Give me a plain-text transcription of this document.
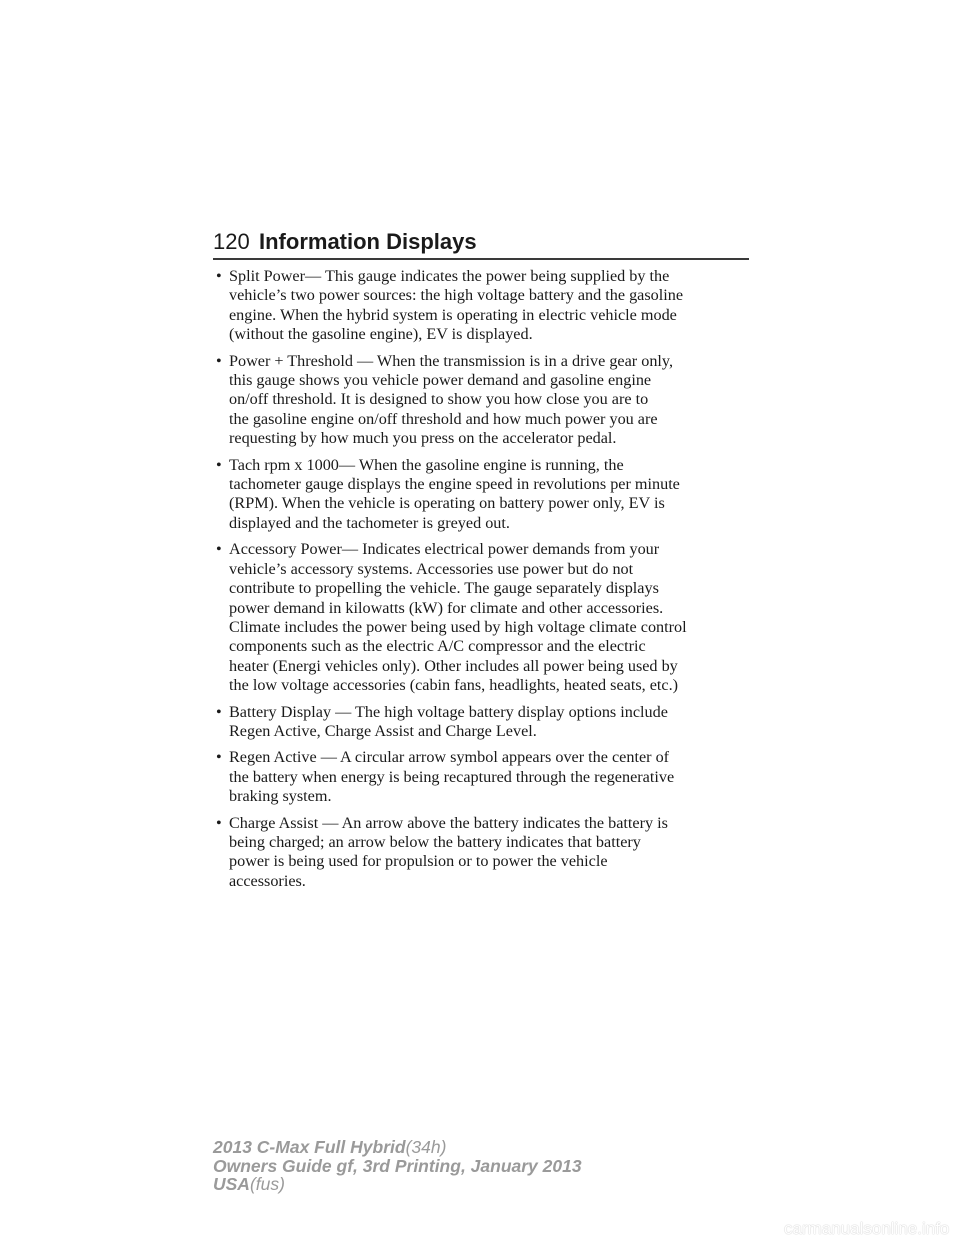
120 Information Displays
• Split Power— This gauge indicates the power being supplied by the
vehicle’s two power sources: the high voltage battery and the gasoline
engine. When the hybrid system is operating in electric vehicle mode
(without the gasoline engine), EV is displayed.
• Power + Threshold — When the transmission is in a drive gear only,
this gauge shows you vehicle power demand and gasoline engine
on/off threshold. It is designed to show you how close you are to
the gasoline engine on/off threshold and how much power you are
requesting by how much you press on the accelerator pedal.
• Tach rpm x 1000— When the gasoline engine is running, the
tachometer gauge displays the engine speed in revolutions per minute
(RPM). When the vehicle is operating on battery power only, EV is
displayed and the tachometer is greyed out.
• Accessory Power— Indicates electrical power demands from your
vehicle’s accessory systems. Accessories use power but do not
contribute to propelling the vehicle. The gauge separately displays
power demand in kilowatts (kW) for climate and other accessories.
Climate includes the power being used by high voltage climate control
components such as the electric A/C compressor and the electric
heater (Energi vehicles only). Other includes all power being used by
the low voltage accessories (cabin fans, headlights, heated seats, etc.)
• Battery Display — The high voltage battery display options include
Regen Active, Charge Assist and Charge Level.
• Regen Active — A circular arrow symbol appears over the center of
the battery when energy is being recaptured through the regenerative
braking system.
• Charge Assist — An arrow above the battery indicates the battery is
being charged; an arrow below the battery indicates that battery
power is being used for propulsion or to power the vehicle
accessories.
2013 C-Max Full Hybrid(34h)
Owners Guide gf, 3rd Printing, January 2013
USA(fus)
carmanualsonline.info
